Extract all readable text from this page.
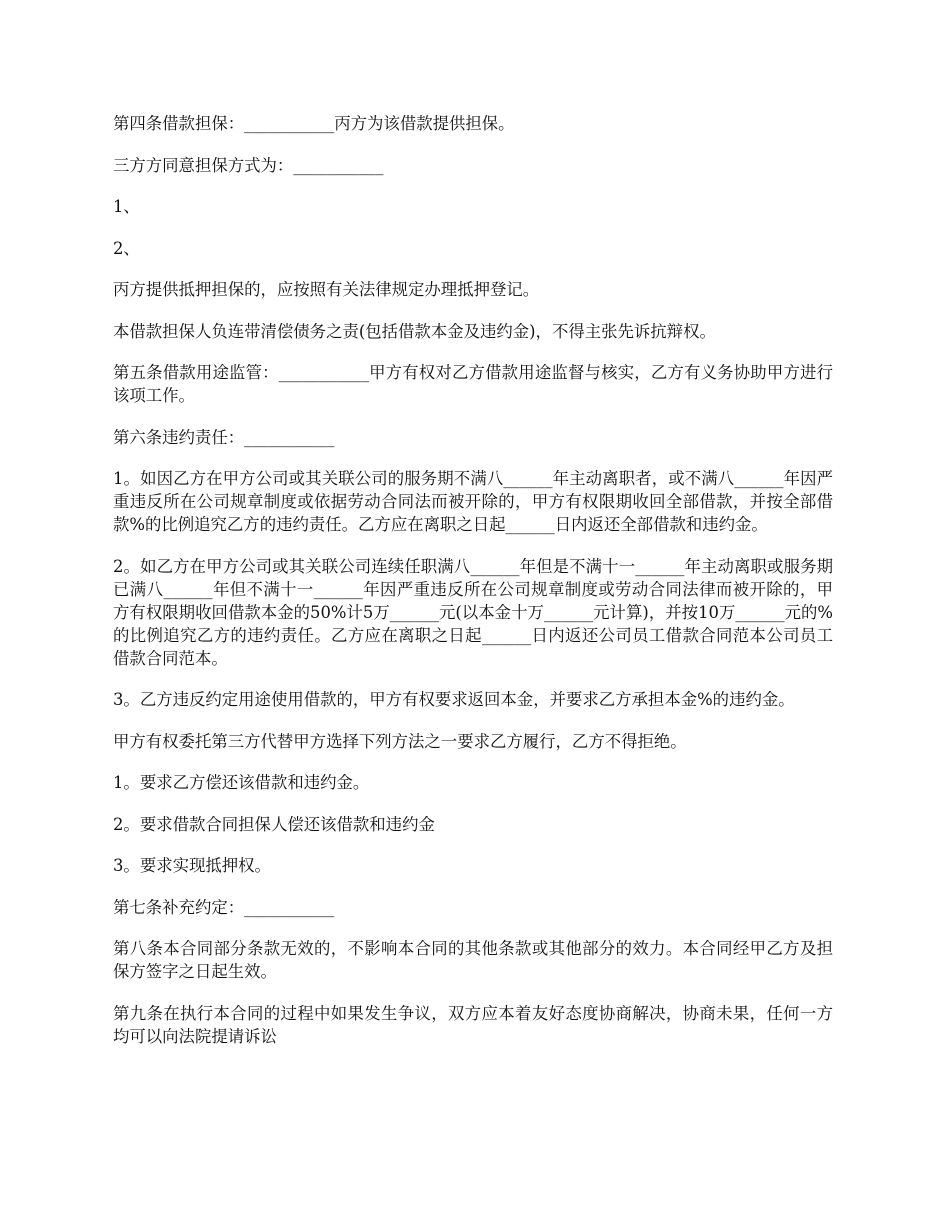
第四条借款担保：___________丙方为该借款提供担保。

三方方同意担保方式为：___________

1、

2、

丙方提供抵押担保的，应按照有关法律规定办理抵押登记。

本借款担保人负连带清偿债务之责(包括借款本金及违约金)，不得主张先诉抗辩权。

第五条借款用途监管：___________甲方有权对乙方借款用途监督与核实，乙方有义务协助甲方进行该项工作。

第六条违约责任：___________

1。如因乙方在甲方公司或其关联公司的服务期不满八______年主动离职者，或不满八______年因严重违反所在公司规章制度或依据劳动合同法而被开除的，甲方有权限期收回全部借款，并按全部借款%的比例追究乙方的违约责任。乙方应在离职之日起______日内返还全部借款和违约金。

2。如乙方在甲方公司或其关联公司连续任职满八______年但是不满十一______年主动离职或服务期已满八______年但不满十一______年因严重违反所在公司规章制度或劳动合同法律而被开除的，甲方有权限期收回借款本金的50%计5万______元(以本金十万______元计算)，并按10万______元的%的比例追究乙方的违约责任。乙方应在离职之日起______日内返还公司员工借款合同范本公司员工借款合同范本。

3。乙方违反约定用途使用借款的，甲方有权要求返回本金，并要求乙方承担本金%的违约金。

甲方有权委托第三方代替甲方选择下列方法之一要求乙方履行，乙方不得拒绝。

1。要求乙方偿还该借款和违约金。

2。要求借款合同担保人偿还该借款和违约金

3。要求实现抵押权。

第七条补充约定：___________

第八条本合同部分条款无效的，不影响本合同的其他条款或其他部分的效力。本合同经甲乙方及担保方签字之日起生效。

第九条在执行本合同的过程中如果发生争议，双方应本着友好态度协商解决，协商未果，任何一方均可以向法院提请诉讼
